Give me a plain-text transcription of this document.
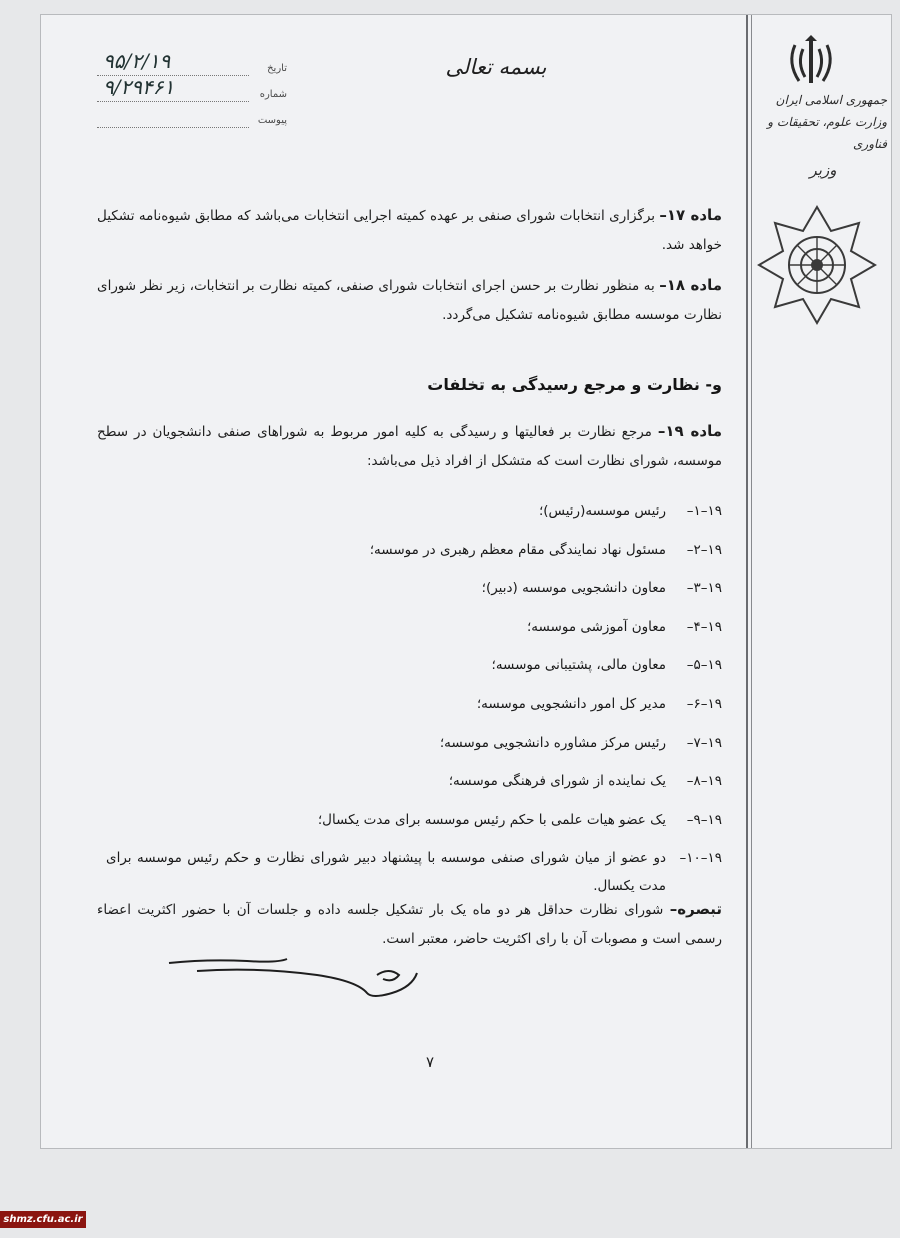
جمهوری اسلامی ایران
وزارت علوم، تحقیقات و فناوری
وزیر
بسمه تعالی
تاریخ
۹۵/۲/۱۹
شماره
۹/۲۹۴۶۱
پیوست
ماده ۱۷– برگزاری انتخابات شورای صنفی بر عهده کمیته اجرایی انتخابات می‌باشد که مطابق شیوه‌نامه تشکیل خواهد شد.
ماده ۱۸– به منظور نظارت بر حسن اجرای انتخابات شورای صنفی، کمیته نظارت بر انتخابات، زیر نظر شورای نظارت موسسه مطابق شیوه‌نامه تشکیل می‌گردد.
و- نظارت و مرجع رسیدگی به تخلفات
ماده ۱۹– مرجع نظارت بر فعالیتها و رسیدگی به کلیه امور مربوط به شوراهای صنفی دانشجویان در سطح موسسه، شورای نظارت است که متشکل از افراد ذیل می‌باشد:
۱۹–۱–رئیس موسسه(رئیس)؛
۱۹–۲–مسئول نهاد نمایندگی مقام معظم رهبری در موسسه؛
۱۹–۳–معاون دانشجویی موسسه (دبیر)؛
۱۹–۴–معاون آموزشی موسسه؛
۱۹–۵–معاون مالی، پشتیبانی موسسه؛
۱۹–۶–مدیر کل امور دانشجویی موسسه؛
۱۹–۷–رئیس مرکز مشاوره دانشجویی موسسه؛
۱۹–۸–یک نماینده از شورای فرهنگی موسسه؛
۱۹–۹–یک عضو هیات علمی با حکم رئیس موسسه برای مدت یکسال؛
۱۹–۱۰–دو عضو از میان شورای صنفی موسسه با پیشنهاد دبیر شورای نظارت و حکم رئیس موسسه برای مدت یکسال.
تبصره– شورای نظارت حداقل هر دو ماه یک بار تشکیل جلسه داده و جلسات آن با حضور اکثریت اعضاء رسمی است و مصوبات آن با رای اکثریت حاضر، معتبر است.
۷
shmz.cfu.ac.ir
